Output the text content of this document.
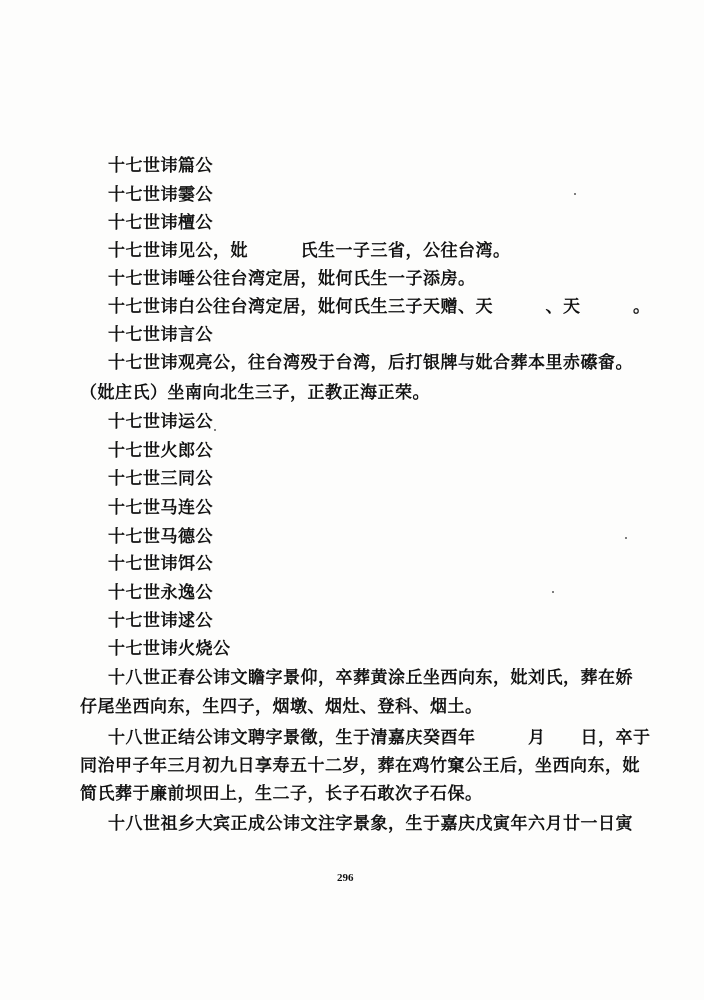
十七世讳篇公
十七世讳霎公
十七世讳檀公
十七世讳见公，妣　　　氏生一子三省，公往台湾。
十七世讳唾公往台湾定居，妣何氏生一子添房。
十七世讳白公往台湾定居，妣何氏生三子天赠、天　　　、天　　　。
十七世讳言公
十七世讳观亮公，往台湾殁于台湾，后打银牌与妣合葬本里赤礤畲。
（妣庄氏）坐南向北生三子，正教正海正荣。
十七世讳运公
十七世火郎公
十七世三同公
十七世马连公
十七世马德公
十七世讳饵公
十七世永逸公
十七世讳逑公
十七世讳火烧公
十八世正春公讳文瞻字景仰，卒葬黄涂丘坐西向东，妣刘氏，葬在娇
仔尾坐西向东，生四子，烟墩、烟灶、登科、烟土。
十八世正结公讳文聘字景徵，生于清嘉庆癸酉年　　　月　　日，卒于
同治甲子年三月初九日享寿五十二岁，葬在鸡竹窠公王后，坐西向东，妣
简氏葬于廉前坝田上，生二子，长子石敢次子石保。
十八世祖乡大宾正成公讳文注字景象，生于嘉庆戊寅年六月廿一日寅
296
